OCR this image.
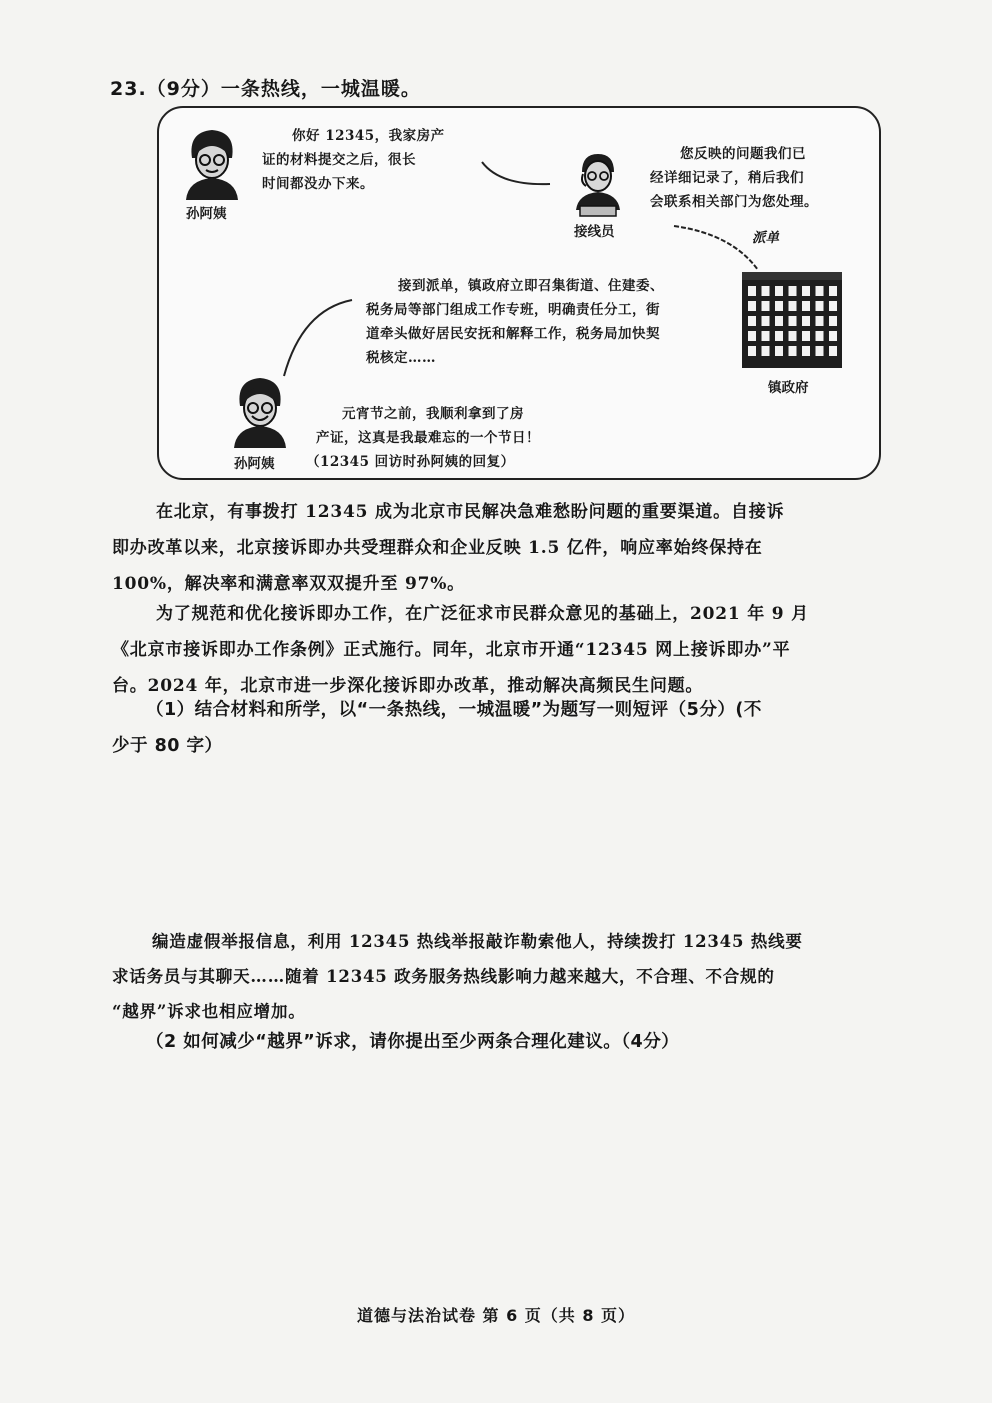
23.（9分）一条热线，一城温暖。
孙阿姨
你好 12345，我家房产
证的材料提交之后，很长
时间都没办下来。
接线员
您反映的问题我们已
经详细记录了，稍后我们
会联系相关部门为您处理。
派单
镇政府
接到派单，镇政府立即召集街道、住建委、
税务局等部门组成工作专班，明确责任分工，街
道牵头做好居民安抚和解释工作，税务局加快契
税核定……
孙阿姨
元宵节之前，我顺利拿到了房
产证，这真是我最难忘的一个节日！
（12345 回访时孙阿姨的回复）
在北京，有事拨打 12345 成为北京市民解决急难愁盼问题的重要渠道。自接诉
即办改革以来，北京接诉即办共受理群众和企业反映 1.5 亿件，响应率始终保持在
100%，解决率和满意率双双提升至 97%。
为了规范和优化接诉即办工作，在广泛征求市民群众意见的基础上，2021 年 9 月
《北京市接诉即办工作条例》正式施行。同年，北京市开通“12345 网上接诉即办”平
台。2024 年，北京市进一步深化接诉即办改革，推动解决高频民生问题。
（1）结合材料和所学，以“一条热线，一城温暖”为题写一则短评（5分）(不
少于 80 字）
编造虚假举报信息，利用 12345 热线举报敲诈勒索他人，持续拨打 12345 热线要
求话务员与其聊天……随着 12345 政务服务热线影响力越来越大，不合理、不合规的
“越界”诉求也相应增加。
（2 如何减少“越界”诉求，请你提出至少两条合理化建议。（4分）
道德与法治试卷 第 6 页（共 8 页）
